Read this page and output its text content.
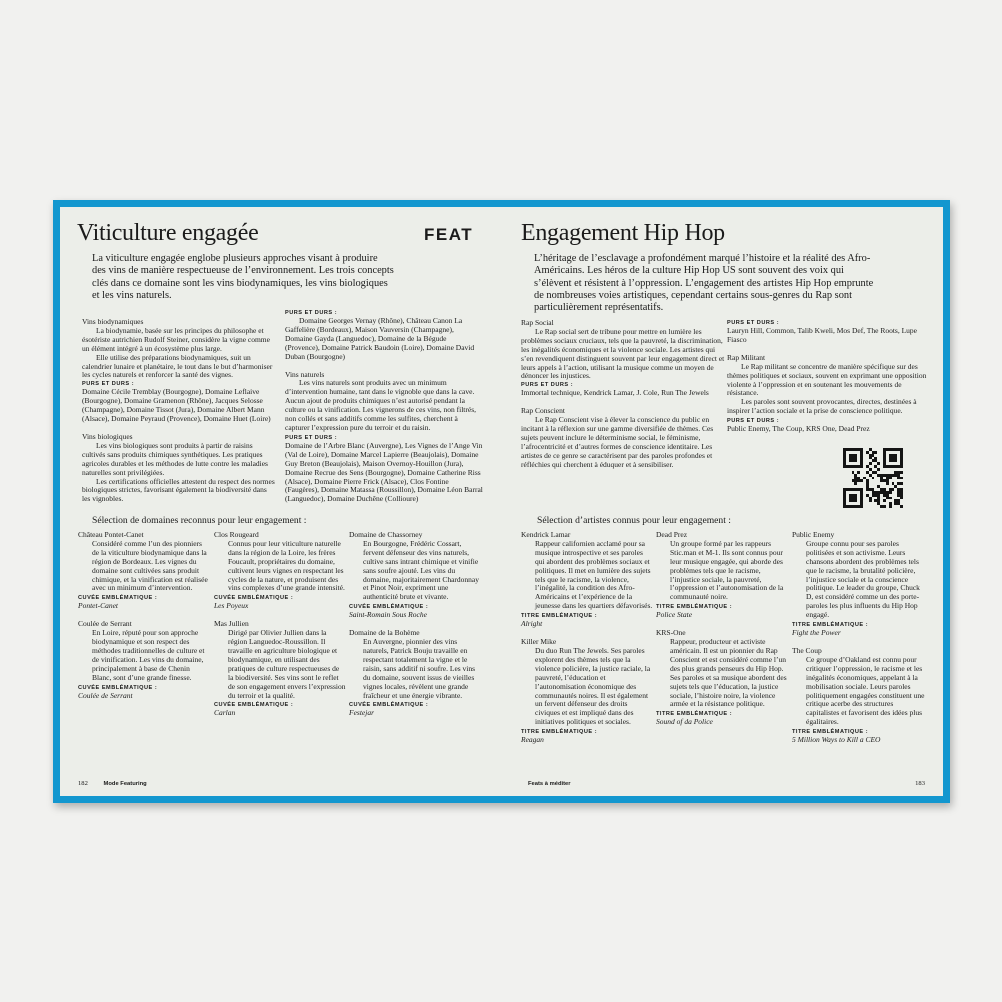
Viticulture engagée	FEAT

La viticulture engagée englobe plusieurs approches visant à produire des vins de manière respectueuse de l’environnement. Les trois concepts clés dans ce domaine sont les vins biodynamiques, les vins biologiques et les vins naturels.

Vins biodynamiques
La biodynamie, basée sur les principes du philosophe et ésotériste autrichien Rudolf Steiner, considère la vigne comme un élément intégré à un écosystème plus large.
Elle utilise des préparations biodynamiques, suit un calendrier lunaire et planétaire, le tout dans le but d’harmoniser les cycles naturels et renforcer la santé des vignes.
PURS ET DURS :
Domaine Cécile Tremblay (Bourgogne), Domaine Leflaive (Bourgogne), Domaine Gramenon (Rhône), Jacques Selosse (Champagne), Domaine Tissot (Jura), Domaine Albert Mann (Alsace), Domaine Peyraud (Provence), Domaine Huet (Loire)
Vins biologiques
Les vins biologiques sont produits à partir de raisins cultivés sans produits chimiques synthétiques. Les pratiques agricoles durables et les méthodes de lutte contre les maladies naturelles sont privilégiées.
Les certifications officielles attestent du respect des normes biologiques strictes, favorisant également la biodiversité dans les vignobles.
PURS ET DURS :
Domaine Georges Vernay (Rhône), Château Canon La Gaffelière (Bordeaux), Maison Vauversin (Champagne), Domaine Gayda (Languedoc), Domaine de la Bégude (Provence), Domaine Patrick Baudoin (Loire), Domaine David Duban (Bourgogne)
Vins naturels
Les vins naturels sont produits avec un minimum d’intervention humaine, tant dans le vignoble que dans la cave. Aucun ajout de produits chimiques n’est autorisé pendant la culture ou la vinification. Les vignerons de ces vins, non filtrés, non collés et sans additifs comme les sulfites, cherchent à capturer l’expression pure du terroir et du raisin.
PURS ET DURS :
Domaine de l’Arbre Blanc (Auvergne), Les Vignes de l’Ange Vin (Val de Loire), Domaine Marcel Lapierre (Beaujolais), Domaine Guy Breton (Beaujolais), Maison Overnoy-Houillon (Jura), Domaine Recrue des Sens (Bourgogne), Domaine Catherine Riss (Alsace), Domaine Pierre Frick (Alsace), Clos Fontine (Faugères), Domaine Matassa (Roussillon), Domaine Léon Barral (Languedoc), Domaine Duchêne (Collioure)
Sélection de domaines reconnus pour leur engagement :
Château Pontet-Canet
Considéré comme l’un des pionniers de la viticulture biodynamique dans la région de Bordeaux. Les vignes du domaine sont cultivées sans produit chimique, et la vinification est réalisée avec un minimum d’intervention.
CUVÉE EMBLÉMATIQUE :
Pontet-Canet
Coulée de Serrant
En Loire, réputé pour son approche biodynamique et son respect des méthodes traditionnelles de culture et de vinification. Les vins du domaine, principalement à base de Chenin Blanc, sont d’une grande finesse.
CUVÉE EMBLÉMATIQUE :
Coulée de Serrant
Clos Rougeard
Connus pour leur viticulture naturelle dans la région de la Loire, les frères Foucault, propriétaires du domaine, cultivent leurs vignes en respectant les cycles de la nature, et produisent des vins complexes d’une grande intensité.
CUVÉE EMBLÉMATIQUE :
Les Poyeux
Mas Jullien
Dirigé par Olivier Jullien dans la région Languedoc-Roussillon. Il travaille en agriculture biologique et biodynamique, en utilisant des pratiques de culture respectueuses de la biodiversité. Ses vins sont le reflet de son engagement envers l’expression du terroir et la qualité.
CUVÉE EMBLÉMATIQUE :
Carlan
Domaine de Chassorney
En Bourgogne, Frédéric Cossart, fervent défenseur des vins naturels, cultive sans intrant chimique et vinifie sans soufre ajouté. Les vins du domaine, majoritairement Chardonnay et Pinot Noir, expriment une authenticité brute et vivante.
CUVÉE EMBLÉMATIQUE :
Saint-Romain Sous Roche
Domaine de la Bohème
En Auvergne, pionnier des vins naturels, Patrick Bouju travaille en respectant totalement la vigne et le raisin, sans additif ni soufre. Les vins du domaine, souvent issus de vieilles vignes locales, révèlent une grande fraîcheur et une énergie vibrante.
CUVÉE EMBLÉMATIQUE :
Festejar
182	Mode Featuring
Engagement Hip Hop

L’héritage de l’esclavage a profondément marqué l’histoire et la réalité des Afro-Américains. Les héros de la culture Hip Hop US sont souvent des voix qui s’élèvent et résistent à l’oppression. L’engagement des artistes Hip Hop emprunte de nombreuses voies artistiques, cependant certains sous-genres du Rap sont particulièrement représentatifs.

Rap Social
Le Rap social sert de tribune pour mettre en lumière les problèmes sociaux cruciaux, tels que la pauvreté, la discrimination, les inégalités économiques et la violence sociale. Les artistes qui s’en revendiquent distinguent souvent par leur engagement direct et leurs appels à l’action, utilisant la musique comme un moyen de dénoncer les injustices.
PURS ET DURS :
Immortal technique, Kendrick Lamar, J. Cole, Run The Jewels
Rap Conscient
Le Rap Conscient vise à élever la conscience du public en incitant à la réflexion sur une gamme diversifiée de thèmes. Ces sujets peuvent inclure le déterminisme social, le féminisme, l’afrocentricité et d’autres formes de conscience identitaire. Les artistes de ce genre se caractérisent par des paroles profondes et réfléchies qui cherchent à éduquer et à sensibiliser.
PURS ET DURS :
Lauryn Hill, Common, Talib Kweli, Mos Def, The Roots, Lupe Fiasco
Rap Militant
Le Rap militant se concentre de manière spécifique sur des thèmes politiques et sociaux, souvent en exprimant une opposition violente à l’oppression et en soutenant les mouvements de résistance.
Les paroles sont souvent provocantes, directes, destinées à inspirer l’action sociale et la prise de conscience politique.
PURS ET DURS :
Public Enemy, The Coup, KRS One, Dead Prez
Sélection d’artistes connus pour leur engagement :
Kendrick Lamar
Rappeur californien acclamé pour sa musique introspective et ses paroles qui abordent des problèmes sociaux et politiques. Il met en lumière des sujets tels que le racisme, la violence, l’inégalité, la condition des Afro-Américains et l’expérience de la jeunesse dans les quartiers défavorisés.
TITRE EMBLÉMATIQUE :
Alright
Killer Mike
Du duo Run The Jewels. Ses paroles explorent des thèmes tels que la violence policière, la justice raciale, la pauvreté, l’éducation et l’autonomisation économique des communautés noires. Il est également un fervent défenseur des droits civiques et est impliqué dans des initiatives politiques et sociales.
TITRE EMBLÉMATIQUE :
Reagan
Dead Prez
Un groupe formé par les rappeurs Stic.man et M-1. Ils sont connus pour leur musique engagée, qui aborde des problèmes tels que le racisme, l’injustice sociale, la pauvreté, l’oppression et l’autonomisation de la communauté noire.
TITRE EMBLÉMATIQUE :
Police State
KRS-One
Rappeur, producteur et activiste américain. Il est un pionnier du Rap Conscient et est considéré comme l’un des plus grands penseurs du Hip Hop. Ses paroles et sa musique abordent des sujets tels que l’éducation, la justice sociale, l’histoire noire, la violence armée et la résistance politique.
TITRE EMBLÉMATIQUE :
Sound of da Police
Public Enemy
Groupe connu pour ses paroles politisées et son activisme. Leurs chansons abordent des problèmes tels que le racisme, la brutalité policière, l’injustice sociale et la conscience politique. Le leader du groupe, Chuck D, est considéré comme un des porte-paroles les plus influents du Hip Hop engagé.
TITRE EMBLÉMATIQUE :
Fight the Power
The Coup
Ce groupe d’Oakland est connu pour critiquer l’oppression, le racisme et les inégalités économiques, appelant à la mobilisation sociale. Leurs paroles politiquement engagées constituent une critique acerbe des structures capitalistes et favorisent des idées plus égalitaires.
TITRE EMBLÉMATIQUE :
5 Million Ways to Kill a CEO
Feats à méditer	183
